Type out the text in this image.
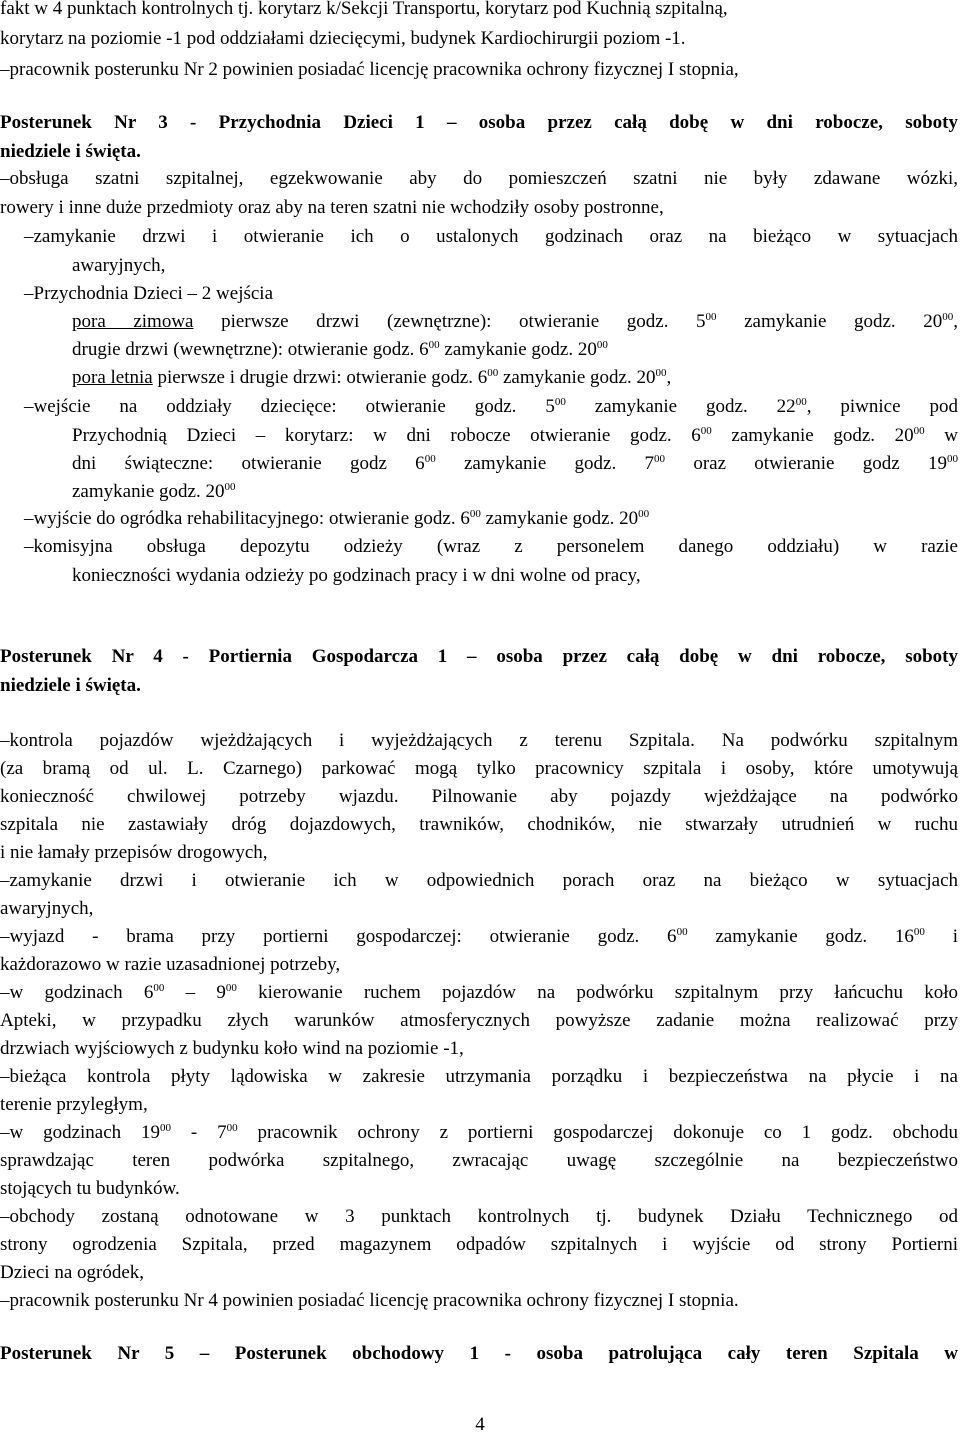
fakt w 4 punktach kontrolnych tj. korytarz k/Sekcji Transportu, korytarz pod Kuchnią szpitalną,

korytarz na poziomie -1 pod oddziałami dziecięcymi, budynek Kardiochirurgii poziom -1.

–pracownik posterunku Nr 2 powinien posiadać licencję pracownika ochrony fizycznej I stopnia,

Posterunek Nr 3 - Przychodnia Dzieci 1 – osoba przez całą dobę w dni robocze, soboty

niedziele i święta.

–obsługa szatni szpitalnej, egzekwowanie aby do pomieszczeń szatni nie były zdawane wózki,

rowery i inne duże przedmioty oraz aby na teren szatni nie wchodziły osoby postronne,

–zamykanie drzwi i otwieranie ich o ustalonych godzinach oraz na bieżąco w sytuacjach

awaryjnych,

–Przychodnia Dzieci – 2 wejścia

–komisyjna obsługa depozytu odzieży (wraz z personelem danego oddziału) w razie

konieczności wydania odzieży po godzinach pracy i w dni wolne od pracy,

Posterunek Nr 4 - Portiernia Gospodarcza 1 – osoba przez całą dobę w dni robocze, soboty

niedziele i święta.

–kontrola pojazdów wjeżdżających i wyjeżdżających z terenu Szpitala. Na podwórku szpitalnym

(za bramą od ul. L. Czarnego) parkować mogą tylko pracownicy szpitala i osoby, które umotywują

konieczność chwilowej potrzeby wjazdu. Pilnowanie aby pojazdy wjeżdżające na podwórko

szpitala nie zastawiały dróg dojazdowych, trawników, chodników, nie stwarzały utrudnień w ruchu

i nie łamały przepisów drogowych,

–zamykanie drzwi i otwieranie ich w odpowiednich porach oraz na bieżąco w sytuacjach

awaryjnych,

każdorazowo w razie uzasadnionej potrzeby,

Apteki, w przypadku złych warunków atmosferycznych powyższe zadanie można realizować przy

drzwiach wyjściowych z budynku koło wind na poziomie -1,

–bieżąca kontrola płyty lądowiska w zakresie utrzymania porządku i bezpieczeństwa na płycie i na

terenie przyległym,

sprawdzając teren podwórka szpitalnego, zwracając uwagę szczególnie na bezpieczeństwo

stojących tu budynków.

–obchody zostaną odnotowane w 3 punktach kontrolnych tj. budynek Działu Technicznego od

strony ogrodzenia Szpitala, przed magazynem odpadów szpitalnych i wyjście od strony Portierni

Dzieci na ogródek,

–pracownik posterunku Nr 4 powinien posiadać licencję pracownika ochrony fizycznej I stopnia.

Posterunek Nr 5 – Posterunek obchodowy 1 - osoba patrolująca cały teren Szpitala w

pora zimowa pierwsze drzwi (zewnętrzne): otwieranie godz. $5^{00}$ zamykanie godz. $20^{00}$,

drugie drzwi (wewnętrzne): otwieranie godz. $6^{00}$ zamykanie godz. $20^{00}$

pora letnia pierwsze i drugie drzwi: otwieranie godz. $6^{00}$ zamykanie godz. $20^{00}$,

–wejście na oddziały dziecięce: otwieranie godz. $5^{00}$ zamykanie godz. $22^{00}$, piwnice pod

Przychodnią Dzieci – korytarz: w dni robocze otwieranie godz. $6^{00}$ zamykanie godz. $20^{00}$ w

dni świąteczne: otwieranie godz $6^{00}$ zamykanie godz. $7^{00}$ oraz otwieranie godz $19^{00}$

zamykanie godz. $20^{00}$

–wyjście do ogródka rehabilitacyjnego: otwieranie godz. $6^{00}$ zamykanie godz. $20^{00}$

–wyjazd - brama przy portierni gospodarczej: otwieranie godz. $6^{00}$ zamykanie godz. $16^{00}$ i

–w godzinach $6^{00} - 9^{00}$ kierowanie ruchem pojazdów na podwórku szpitalnym przy łańcuchu koło

–w godzinach $19^{00} - 7^{00}$ pracownik ochrony z portierni gospodarczej dokonuje co 1 godz. obchodu

4
